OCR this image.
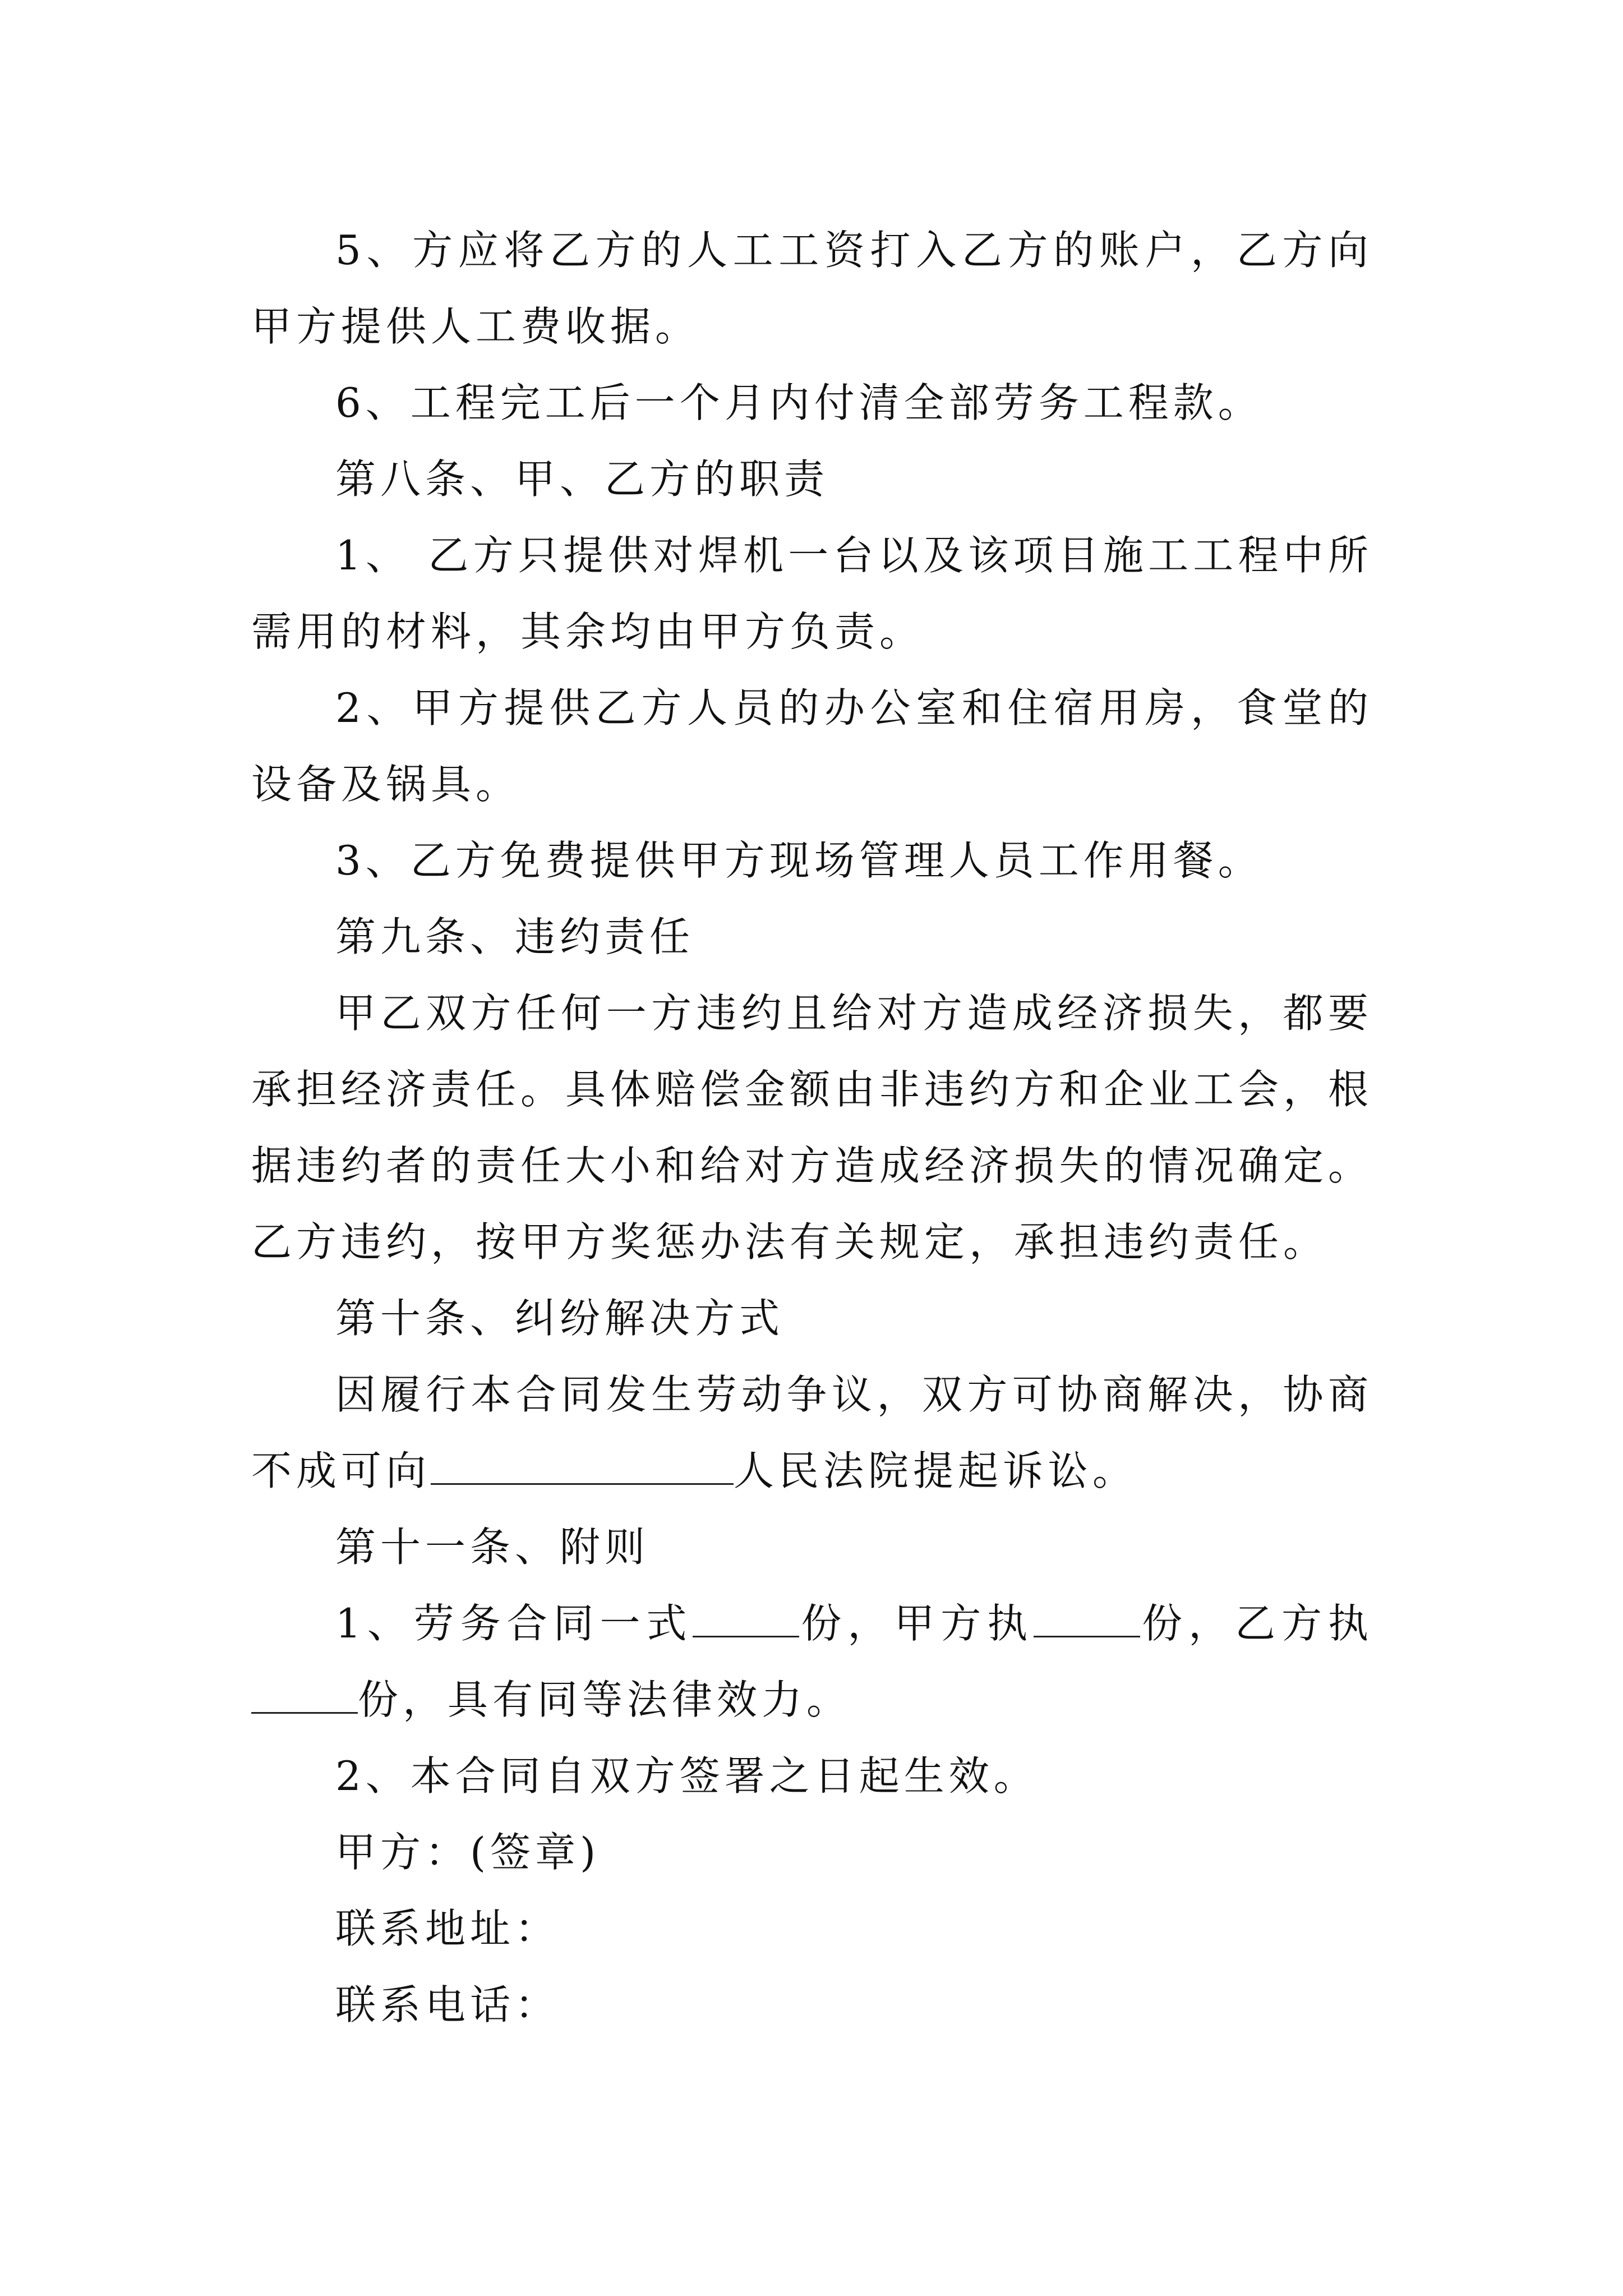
5、方应将乙方的人工工资打入乙方的账户，乙方向甲方提供人工费收据。

6、工程完工后一个月内付清全部劳务工程款。

第八条、甲、乙方的职责

1、 乙方只提供对焊机一台以及该项目施工工程中所需用的材料，其余均由甲方负责。

2、甲方提供乙方人员的办公室和住宿用房，食堂的设备及锅具。

3、乙方免费提供甲方现场管理人员工作用餐。

第九条、违约责任

甲乙双方任何一方违约且给对方造成经济损失，都要承担经济责任。具体赔偿金额由非违约方和企业工会，根据违约者的责任大小和给对方造成经济损失的情况确定。乙方违约，按甲方奖惩办法有关规定，承担违约责任。

第十条、纠纷解决方式

因履行本合同发生劳动争议，双方可协商解决，协商不成可向	人民法院提起诉讼。

第十一条、附则

1、劳务合同一式	份，甲方执	份，乙方执份，具有同等法律效力。

2、本合同自双方签署之日起生效。

甲方：(签章)

联系地址：

联系电话：
